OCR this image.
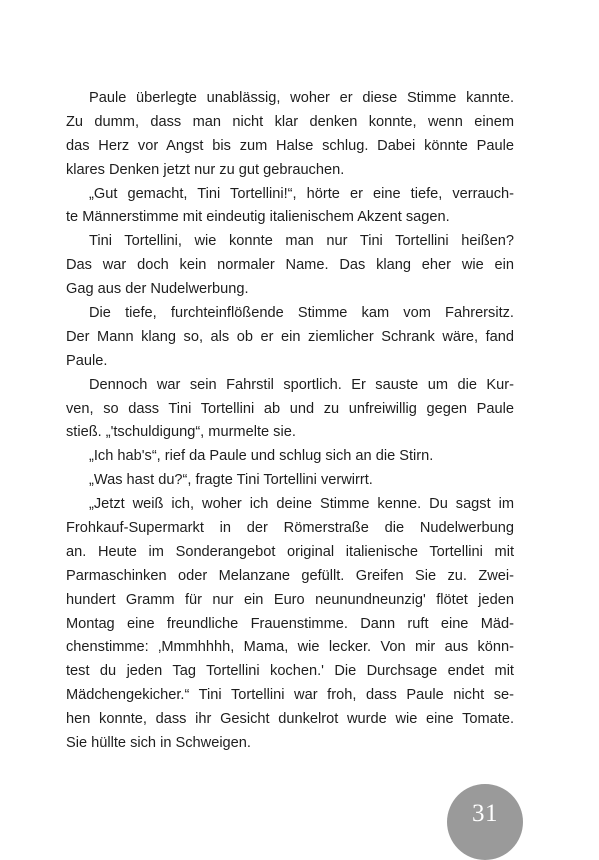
Paule überlegte unablässig, woher er diese Stimme kannte.
Zu dumm, dass man nicht klar denken konnte, wenn einem
das Herz vor Angst bis zum Halse schlug. Dabei könnte Paule
klares Denken jetzt nur zu gut gebrauchen.
„Gut gemacht, Tini Tortellini!“, hörte er eine tiefe, verrauch-
te Männerstimme mit eindeutig italienischem Akzent sagen.
Tini Tortellini, wie konnte man nur Tini Tortellini heißen?
Das war doch kein normaler Name. Das klang eher wie ein
Gag aus der Nudelwerbung.
Die tiefe, furchteinflößende Stimme kam vom Fahrersitz.
Der Mann klang so, als ob er ein ziemlicher Schrank wäre, fand
Paule.
Dennoch war sein Fahrstil sportlich. Er sauste um die Kur-
ven, so dass Tini Tortellini ab und zu unfreiwillig gegen Paule
stieß. „'tschuldigung“, murmelte sie.
„Ich hab's“, rief da Paule und schlug sich an die Stirn.
„Was hast du?“, fragte Tini Tortellini verwirrt.
„Jetzt weiß ich, woher ich deine Stimme kenne. Du sagst im
Frohkauf-Supermarkt in der Römerstraße die Nudelwerbung
an. Heute im Sonderangebot original italienische Tortellini mit
Parmaschinken oder Melanzane gefüllt. Greifen Sie zu. Zwei-
hundert Gramm für nur ein Euro neunundneunzig' flötet jeden
Montag eine freundliche Frauenstimme. Dann ruft eine Mäd-
chenstimme: ‚Mmmhhhh, Mama, wie lecker. Von mir aus könn-
test du jeden Tag Tortellini kochen.' Die Durchsage endet mit
Mädchengekicher.“ Tini Tortellini war froh, dass Paule nicht se-
hen konnte, dass ihr Gesicht dunkelrot wurde wie eine Tomate.
Sie hüllte sich in Schweigen.
31
